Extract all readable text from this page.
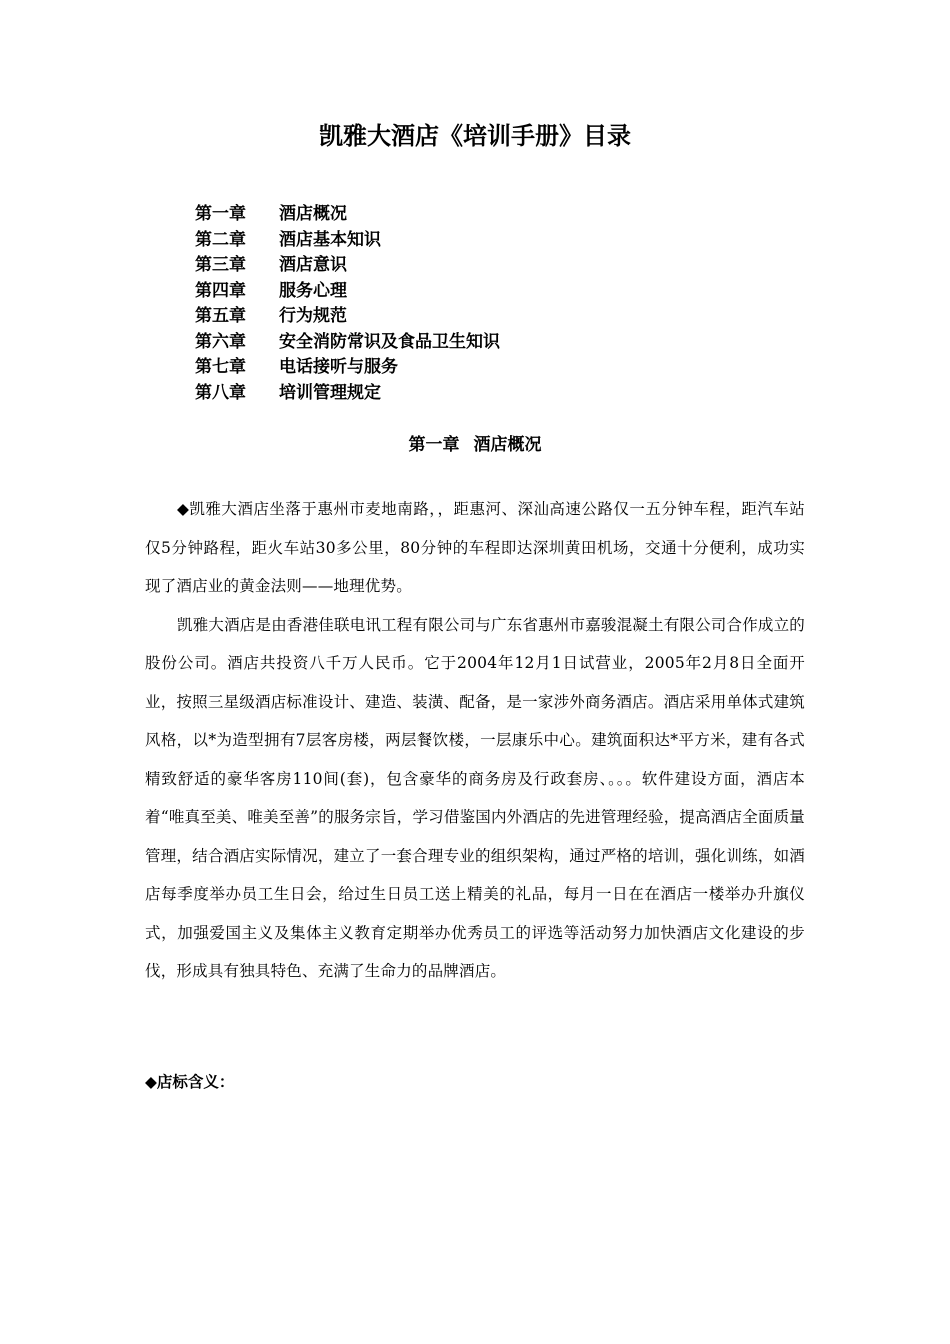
凯雅大酒店《培训手册》目录
第一章	酒店概况
第二章	酒店基本知识
第三章	酒店意识
第四章	服务心理
第五章	行为规范
第六章	安全消防常识及食品卫生知识
第七章	电话接听与服务
第八章	培训管理规定
第一章 酒店概况

◆凯雅大酒店坐落于惠州市麦地南路，，距惠河、深汕高速公路仅一五分钟车程，距汽车站仅5分钟路程，距火车站30多公里，80分钟的车程即达深圳黄田机场，交通十分便利，成功实现了酒店业的黄金法则——地理优势。

凯雅大酒店是由香港佳联电讯工程有限公司与广东省惠州市嘉骏混凝土有限公司合作成立的股份公司。酒店共投资八千万人民币。它于2004年12月1日试营业，2005年2月8日全面开业，按照三星级酒店标准设计、建造、装潢、配备，是一家涉外商务酒店。酒店采用单体式建筑风格，以*为造型拥有7层客房楼，两层餐饮楼，一层康乐中心。建筑面积达*平方米，建有各式精致舒适的豪华客房110间(套)，包含豪华的商务房及行政套房、。。。软件建设方面，酒店本着“唯真至美、唯美至善”的服务宗旨，学习借鉴国内外酒店的先进管理经验，提高酒店全面质量管理，结合酒店实际情况，建立了一套合理专业的组织架构，通过严格的培训，强化训练，如酒店每季度举办员工生日会，给过生日员工送上精美的礼品，每月一日在在酒店一楼举办升旗仪式，加强爱国主义及集体主义教育定期举办优秀员工的评选等活动努力加快酒店文化建设的步伐，形成具有独具特色、充满了生命力的品牌酒店。

◆店标含义：
